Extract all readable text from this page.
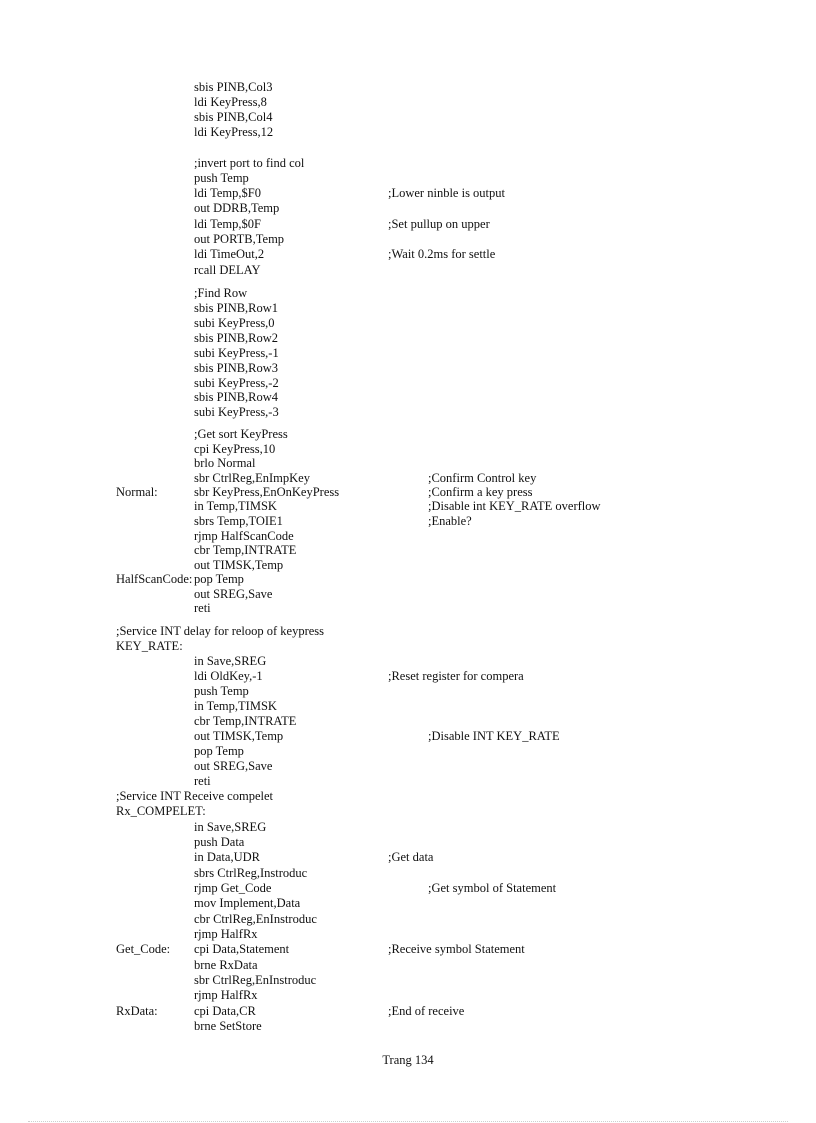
sbis PINB,Col3
ldi KeyPress,8
sbis PINB,Col4
ldi KeyPress,12
;invert port to find col
push Temp
ldi Temp,$F0	;Lower ninble is output
out DDRB,Temp
ldi Temp,$0F	;Set pullup on upper
out PORTB,Temp
ldi TimeOut,2	;Wait 0.2ms for settle
rcall DELAY
;Find Row
sbis PINB,Row1
subi KeyPress,0
sbis PINB,Row2
subi KeyPress,-1
sbis PINB,Row3
subi KeyPress,-2
sbis PINB,Row4
subi KeyPress,-3
;Get sort KeyPress
cpi KeyPress,10
brlo Normal
sbr CtrlReg,EnImpKey	;Confirm Control key
Normal:	sbr KeyPress,EnOnKeyPress	;Confirm a key press
in Temp,TIMSK	;Disable int KEY_RATE overflow
sbrs Temp,TOIE1	;Enable?
rjmp HalfScanCode
cbr Temp,INTRATE
out TIMSK,Temp
HalfScanCode: pop Temp
out SREG,Save
reti
;Service INT delay for reloop of keypress
KEY_RATE:
in Save,SREG
ldi OldKey,-1	;Reset register for compera
push Temp
in Temp,TIMSK
cbr Temp,INTRATE
out TIMSK,Temp	;Disable INT KEY_RATE
pop Temp
out SREG,Save
reti
;Service INT Receive compelet
Rx_COMPELET:
in Save,SREG
push Data
in Data,UDR	;Get data
sbrs CtrlReg,Instroduc
rjmp Get_Code	;Get symbol of Statement
mov Implement,Data
cbr CtrlReg,EnInstroduc
rjmp HalfRx
Get_Code: cpi Data,Statement	;Receive symbol Statement
brne RxData
sbr CtrlReg,EnInstroduc
rjmp HalfRx
RxData:	cpi Data,CR	;End of receive
brne SetStore
Trang 134
